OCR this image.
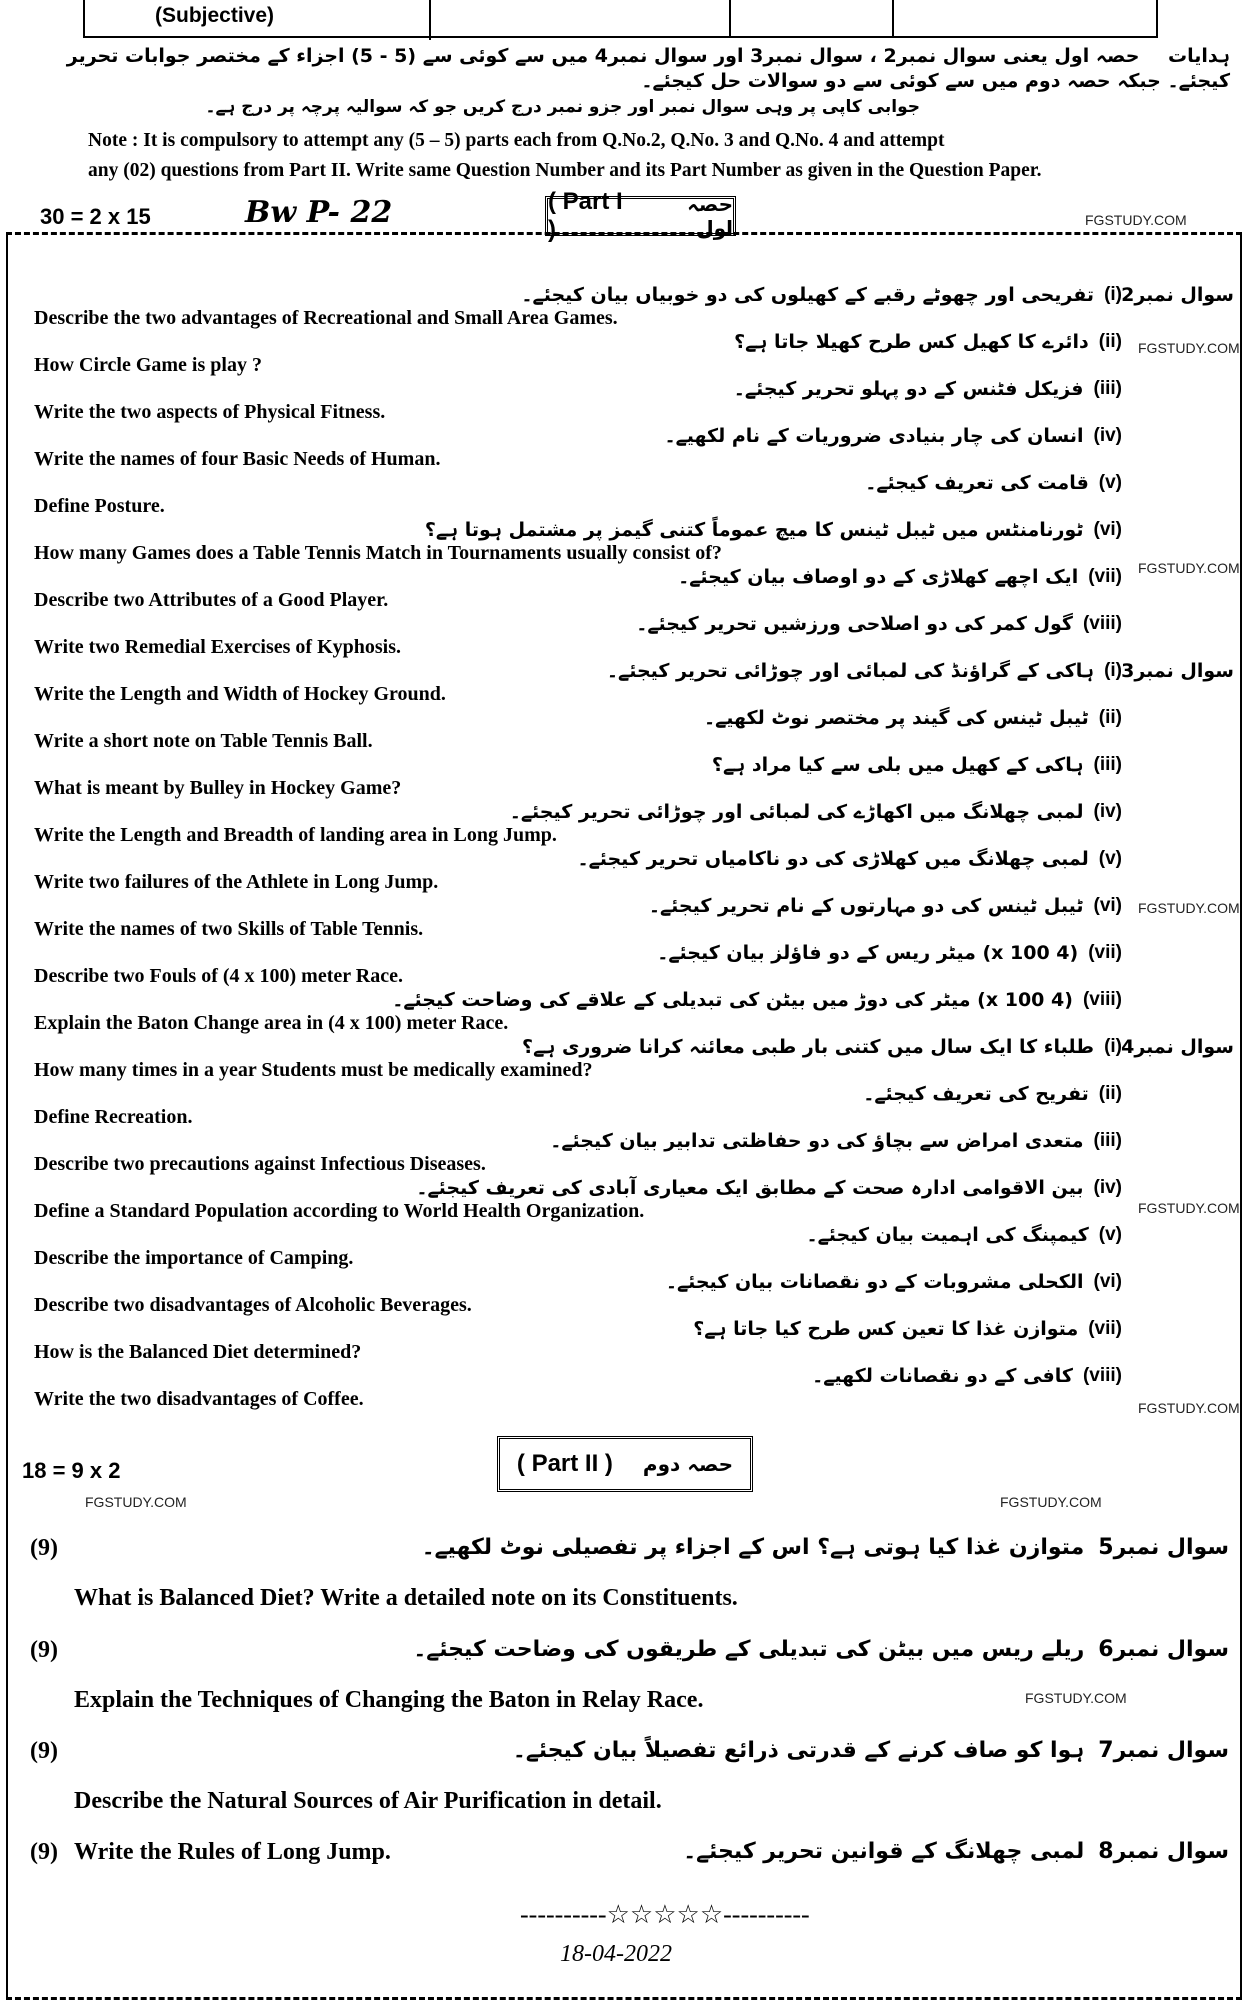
(Subjective)
ہدایات حصہ اول یعنی سوال نمبر2 ، سوال نمبر3 اور سوال نمبر4 میں سے کوئی سے (5 - 5) اجزاء کے مختصر جوابات تحریر کیجئے۔ جبکہ حصہ دوم میں سے کوئی سے دو سوالات حل کیجئے۔
جوابی کاپی پر وہی سوال نمبر اور جزو نمبر درج کریں جو کہ سوالیہ پرچہ پر درج ہے۔
Note : It is compulsory to attempt any (5 – 5) parts each from Q.No.2, Q.No. 3 and Q.No. 4 and attempt
any (02) questions from Part II. Write same Question Number and its Part Number as given in the Question Paper.
30 = 2 x 15	Bw P- 22	( Part I )
حصہ اول	FGSTUDY.COM
Describe the two advantages of Recreational and Small Area Games.
(i)
تفریحی اور چھوٹے رقبے کے کھیلوں کی دو خوبیاں بیان کیجئے۔ سوال نمبر2
How Circle Game is play ?
(ii)
دائرے کا کھیل کس طرح کھیلا جاتا ہے؟
Write the two aspects of Physical Fitness.
(iii)
فزیکل فٹنس کے دو پہلو تحریر کیجئے۔
Write the names of four Basic Needs of Human.
(iv)
انسان کی چار بنیادی ضروریات کے نام لکھیے۔
Define Posture.
(v)
قامت کی تعریف کیجئے۔
How many Games does a Table Tennis Match in Tournaments usually consist of?
(vi)
ٹورنامنٹس میں ٹیبل ٹینس کا میچ عموماً کتنی گیمز پر مشتمل ہوتا ہے؟
Describe two Attributes of a Good Player.
(vii)
ایک اچھے کھلاڑی کے دو اوصاف بیان کیجئے۔
Write two Remedial Exercises of Kyphosis.
(viii)
گول کمر کی دو اصلاحی ورزشیں تحریر کیجئے۔
Write the Length and Width of Hockey Ground.
(i)
ہاکی کے گراؤنڈ کی لمبائی اور چوڑائی تحریر کیجئے۔ سوال نمبر3
Write a short note on Table Tennis Ball.
(ii)
ٹیبل ٹینس کی گیند پر مختصر نوٹ لکھیے۔
What is meant by Bulley in Hockey Game?
(iii)
ہاکی کے کھیل میں بلی سے کیا مراد ہے؟
Write the Length and Breadth of landing area in Long Jump.
(iv)
لمبی چھلانگ میں اکھاڑے کی لمبائی اور چوڑائی تحریر کیجئے۔
Write two failures of the Athlete in Long Jump.
(v)
لمبی چھلانگ میں کھلاڑی کی دو ناکامیاں تحریر کیجئے۔
Write the names of two Skills of Table Tennis.
(vi)
ٹیبل ٹینس کی دو مہارتوں کے نام تحریر کیجئے۔
Describe two Fouls of (4 x 100) meter Race.
(vii)
(4 x 100) میٹر ریس کے دو فاؤلز بیان کیجئے۔
Explain the Baton Change area in (4 x 100) meter Race.
(viii)
(4 x 100) میٹر کی دوڑ میں بیٹن کی تبدیلی کے علاقے کی وضاحت کیجئے۔
How many times in a year Students must be medically examined?
(i)
طلباء کا ایک سال میں کتنی بار طبی معائنہ کرانا ضروری ہے؟ سوال نمبر4
Define Recreation.
(ii)
تفریح کی تعریف کیجئے۔
Describe two precautions against Infectious Diseases.
(iii)
متعدی امراض سے بچاؤ کی دو حفاظتی تدابیر بیان کیجئے۔
Define a Standard Population according to World Health Organization.
(iv)
بین الاقوامی ادارہ صحت کے مطابق ایک معیاری آبادی کی تعریف کیجئے۔
Describe the importance of Camping.
(v)
کیمپنگ کی اہمیت بیان کیجئے۔
Describe two disadvantages of Alcoholic Beverages.
(vi)
الکحلی مشروبات کے دو نقصانات بیان کیجئے۔
How is the Balanced Diet determined?
(vii)
متوازن غذا کا تعین کس طرح کیا جاتا ہے؟
Write the two disadvantages of Coffee.
(viii)
کافی کے دو نقصانات لکھیے۔
FGSTUDY.COM
FGSTUDY.COM
FGSTUDY.COM
FGSTUDY.COM
FGSTUDY.COM
18 = 9 x 2	( Part II ) حصہ دوم
FGSTUDY.COM	FGSTUDY.COM
FGSTUDY.COM
(9)	سوال نمبر5
متوازن غذا کیا ہوتی ہے؟ اس کے اجزاء پر تفصیلی نوٹ لکھیے۔
What is Balanced Diet? Write a detailed note on its Constituents.
(9)	سوال نمبر6
ریلے ریس میں بیٹن کی تبدیلی کے طریقوں کی وضاحت کیجئے۔
Explain the Techniques of Changing the Baton in Relay Race.
(9)	سوال نمبر7
ہوا کو صاف کرنے کے قدرتی ذرائع تفصیلاً بیان کیجئے۔
Describe the Natural Sources of Air Purification in detail.
(9)	سوال نمبر8
لمبی چھلانگ کے قوانین تحریر کیجئے۔
Write the Rules of Long Jump.
----------☆☆☆☆☆----------
18-04-2022
